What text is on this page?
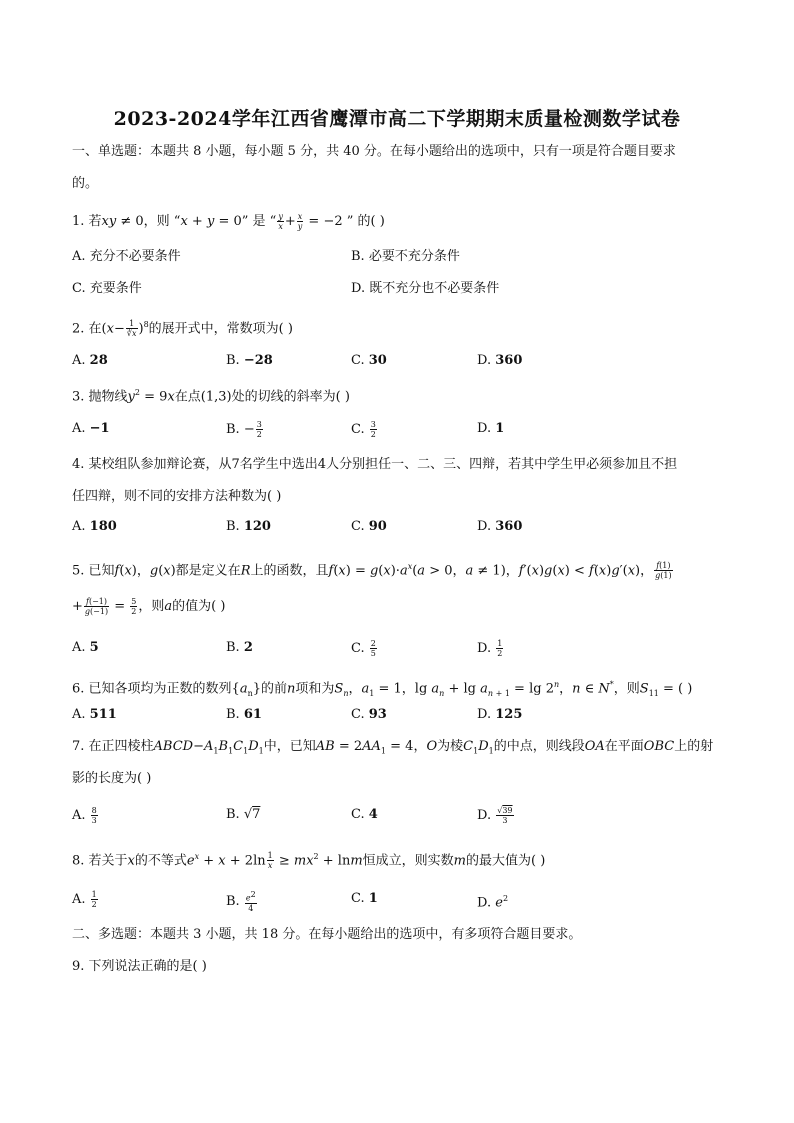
2023-2024学年江西省鹰潭市高二下学期期末质量检测数学试卷
一、单选题：本题共 8 小题，每小题 5 分，共 40 分。在每小题给出的选项中，只有一项是符合题目要求
的。
1. 若xy ≠ 0，则 “x + y = 0” 是 “ $\frac{y}{x} + \frac{x}{y} = -2$ ” 的( )
A. 充分不必要条件	B. 必要不充分条件
C. 充要条件	D. 既不充分也不必要条件
2. 在$(x- \frac{1}{∛x} )^8$的展开式中，常数项为( )
A. 28	B. −28	C. 30	D. 360
3. 抛物线$y^2 = 9x$在点(1,3)处的切线的斜率为( )
A. −1	B. − $\frac{3}{2}$	C. $\frac{3}{2}$	D. 1
4. 某校组队参加辩论赛，从7名学生中选出4人分别担任一、二、三、四辩，若其中学生甲必须参加且不担
任四辩，则不同的安排方法种数为( )
A. 180	B. 120	C. 90	D. 360
5. 已知f(x)，g(x)都是定义在R上的函数，且$f(x) = g(x)\cdot a^x(a > 0$，a ≠ 1)，f′(x)g(x) < f(x)g′(x)， $\frac{f(1)}{g(1)}$
+ $\frac{f(-1)}{g(-1)} = \frac{5}{2}$ ，则a的值为( )
A. 5	B. 2	C. $\frac{2}{5}$	D. $\frac{1}{2}$
6. 已知各项均为正数的数列$\{a_n\}$的前n项和为$S_n$，$a_1 = 1$，$\lg a_n + \lg a_{n + 1} = \lg 2^n$，n ∈ N*，则$S_{11}$ = ( )
A. 511	B. 61	C. 93	D. 125
7. 在正四棱柱$ABCD-A_1B_1C_1D_1$中，已知AB = $2AA_1 = 4$，O为棱$C_1D_1$的中点，则线段OA在平面OBC上的射
影的长度为( )
A. $\frac{8}{3}$	B. √7	C. 4	D. $\frac{√39}{3}$
8. 若关于x的不等式$e^x + x + 2\ln \frac{1}{x} \ge mx^2 + \ln m$恒成立，则实数m的最大值为( )
A. $\frac{1}{2}$	B. $\frac{e^2}{4}$	C. 1	D. $e^2$
二、多选题：本题共 3 小题，共 18 分。在每小题给出的选项中，有多项符合题目要求。
9. 下列说法正确的是( )
